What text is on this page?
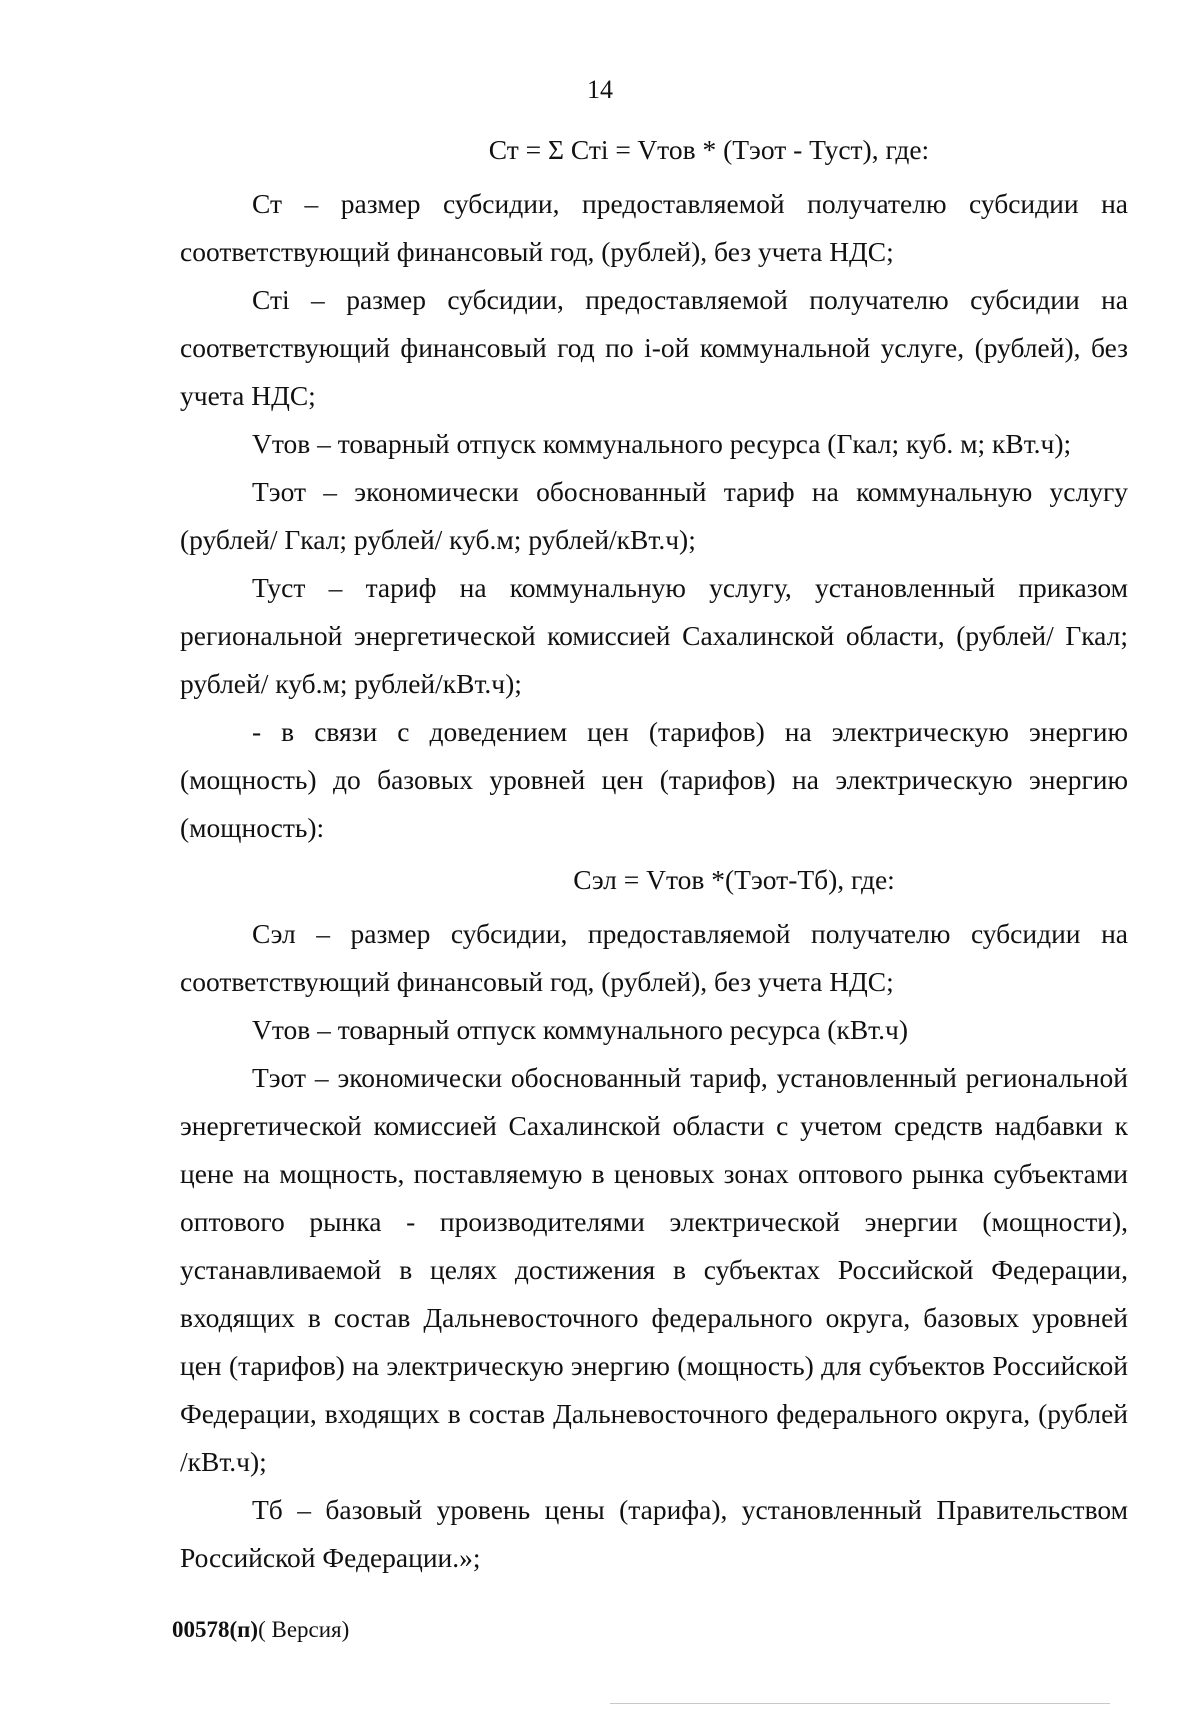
14

Ст = Σ Стi = Vтов * (Тэот - Туст), где:

Ст – размер субсидии, предоставляемой получателю субсидии на соответствующий финансовый год, (рублей), без учета НДС;

Стi – размер субсидии, предоставляемой получателю субсидии на соответствующий финансовый год по i-ой коммунальной услуге, (рублей), без учета НДС;

Vтов – товарный отпуск коммунального ресурса (Гкал; куб. м; кВт.ч);

Тэот – экономически обоснованный тариф на коммунальную услугу (рублей/ Гкал; рублей/ куб.м; рублей/кВт.ч);

Туст – тариф на коммунальную услугу, установленный приказом региональной энергетической комиссией Сахалинской области, (рублей/ Гкал; рублей/ куб.м; рублей/кВт.ч);

- в связи с доведением цен (тарифов) на электрическую энергию (мощность) до базовых уровней цен (тарифов) на электрическую энергию (мощность):

Сэл = Vтов *(Тэот-Тб), где:

Сэл – размер субсидии, предоставляемой получателю субсидии на соответствующий финансовый год, (рублей), без учета НДС;

Vтов – товарный отпуск коммунального ресурса (кВт.ч)

Тэот – экономически обоснованный тариф, установленный региональной энергетической комиссией Сахалинской области с учетом средств надбавки к цене на мощность, поставляемую в ценовых зонах оптового рынка субъектами оптового рынка - производителями электрической энергии (мощности), устанавливаемой в целях достижения в субъектах Российской Федерации, входящих в состав Дальневосточного федерального округа, базовых уровней цен (тарифов) на электрическую энергию (мощность) для субъектов Российской Федерации, входящих в состав Дальневосточного федерального округа, (рублей /кВт.ч);

Тб – базовый уровень цены (тарифа), установленный Правительством Российской Федерации.»;

00578(п)( Версия)
